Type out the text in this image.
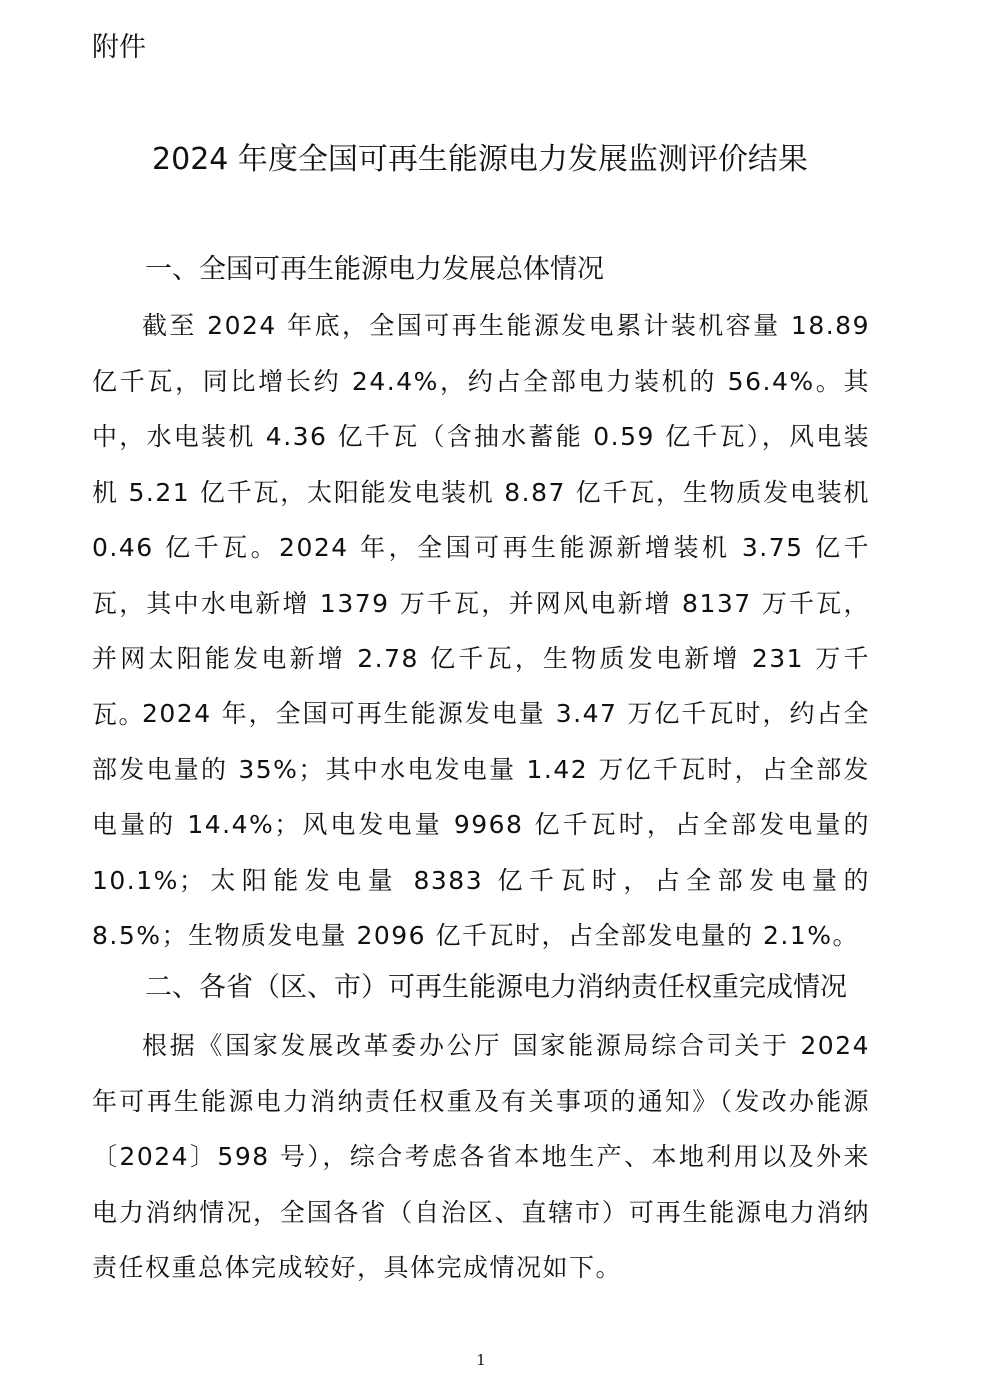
附件
2024 年度全国可再生能源电力发展监测评价结果
一、全国可再生能源电力发展总体情况

截至 2024 年底，全国可再生能源发电累计装机容量 18.89 亿千瓦，同比增长约 24.4%，约占全部电力装机的 56.4%。其中，水电装机 4.36 亿千瓦（含抽水蓄能 0.59 亿千瓦），风电装机 5.21 亿千瓦，太阳能发电装机 8.87 亿千瓦，生物质发电装机 0.46 亿千瓦。2024 年，全国可再生能源新增装机 3.75 亿千瓦，其中水电新增 1379 万千瓦，并网风电新增 8137 万千瓦，并网太阳能发电新增 2.78 亿千瓦，生物质发电新增 231 万千瓦。

2024 年，全国可再生能源发电量 3.47 万亿千瓦时，约占全部发电量的 35%；其中水电发电量 1.42 万亿千瓦时，占全部发电量的 14.4%；风电发电量 9968 亿千瓦时，占全部发电量的 10.1%；太阳能发电量 8383 亿千瓦时，占全部发电量的 8.5%；生物质发电量 2096 亿千瓦时，占全部发电量的 2.1%。

二、各省（区、市）可再生能源电力消纳责任权重完成情况

根据《国家发展改革委办公厅 国家能源局综合司关于 2024 年可再生能源电力消纳责任权重及有关事项的通知》（发改办能源〔2024〕598 号），综合考虑各省本地生产、本地利用以及外来电力消纳情况，全国各省（自治区、直辖市）可再生能源电力消纳责任权重总体完成较好，具体完成情况如下。

1
